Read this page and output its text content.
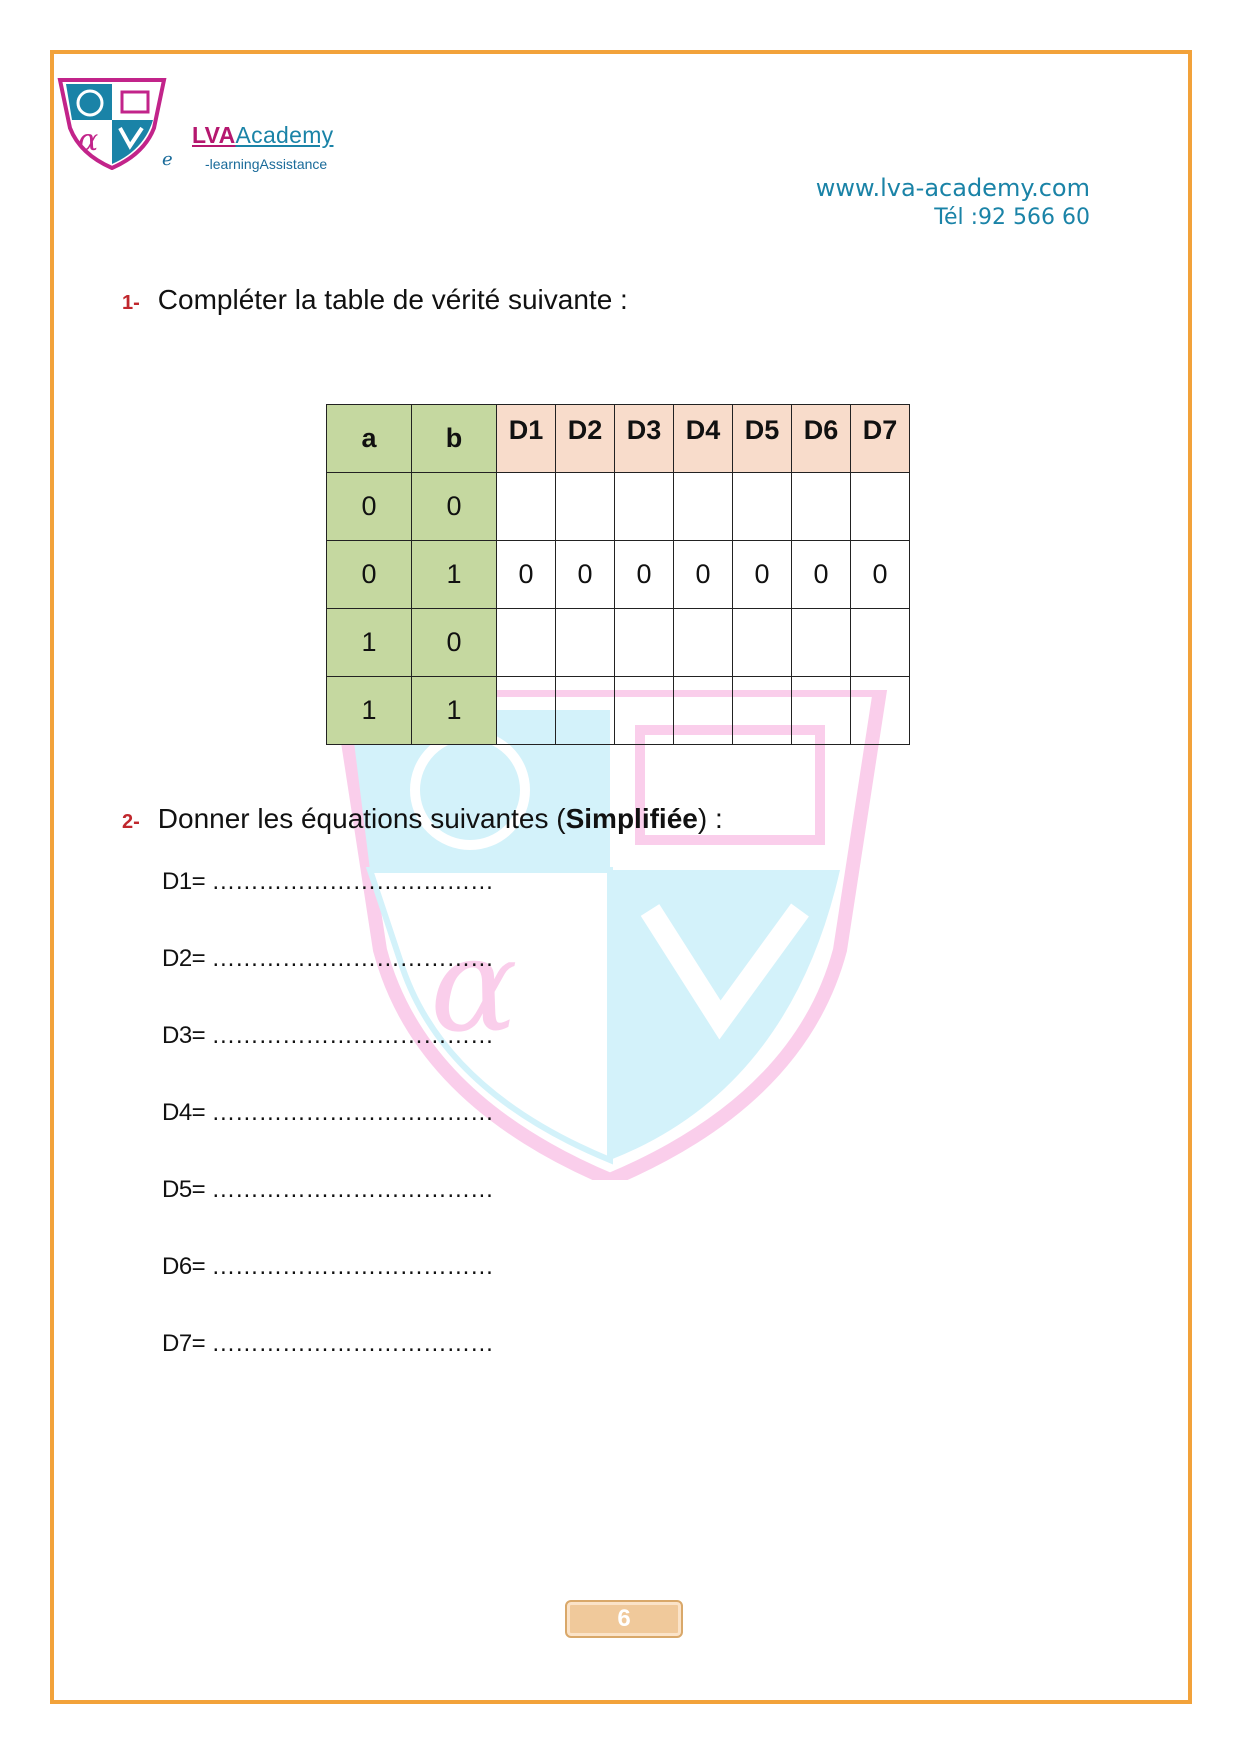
α
α	LVAAcademy
e -learningAssistance
www.lva-academy.com
Tél :92 566 60
1- Compléter la table de vérité suivante :
a	b	D1	D2	D3	D4	D5	D6	D7
0	0							
0	1	0	0	0	0	0	0	0
1	0							
1	1							
2- Donner les équations suivantes (Simplifiée) :
D1= ………………………………
D2= ………………………………
D3= ………………………………
D4= ………………………………
D5= ………………………………
D6= ………………………………
D7= ………………………………
6
